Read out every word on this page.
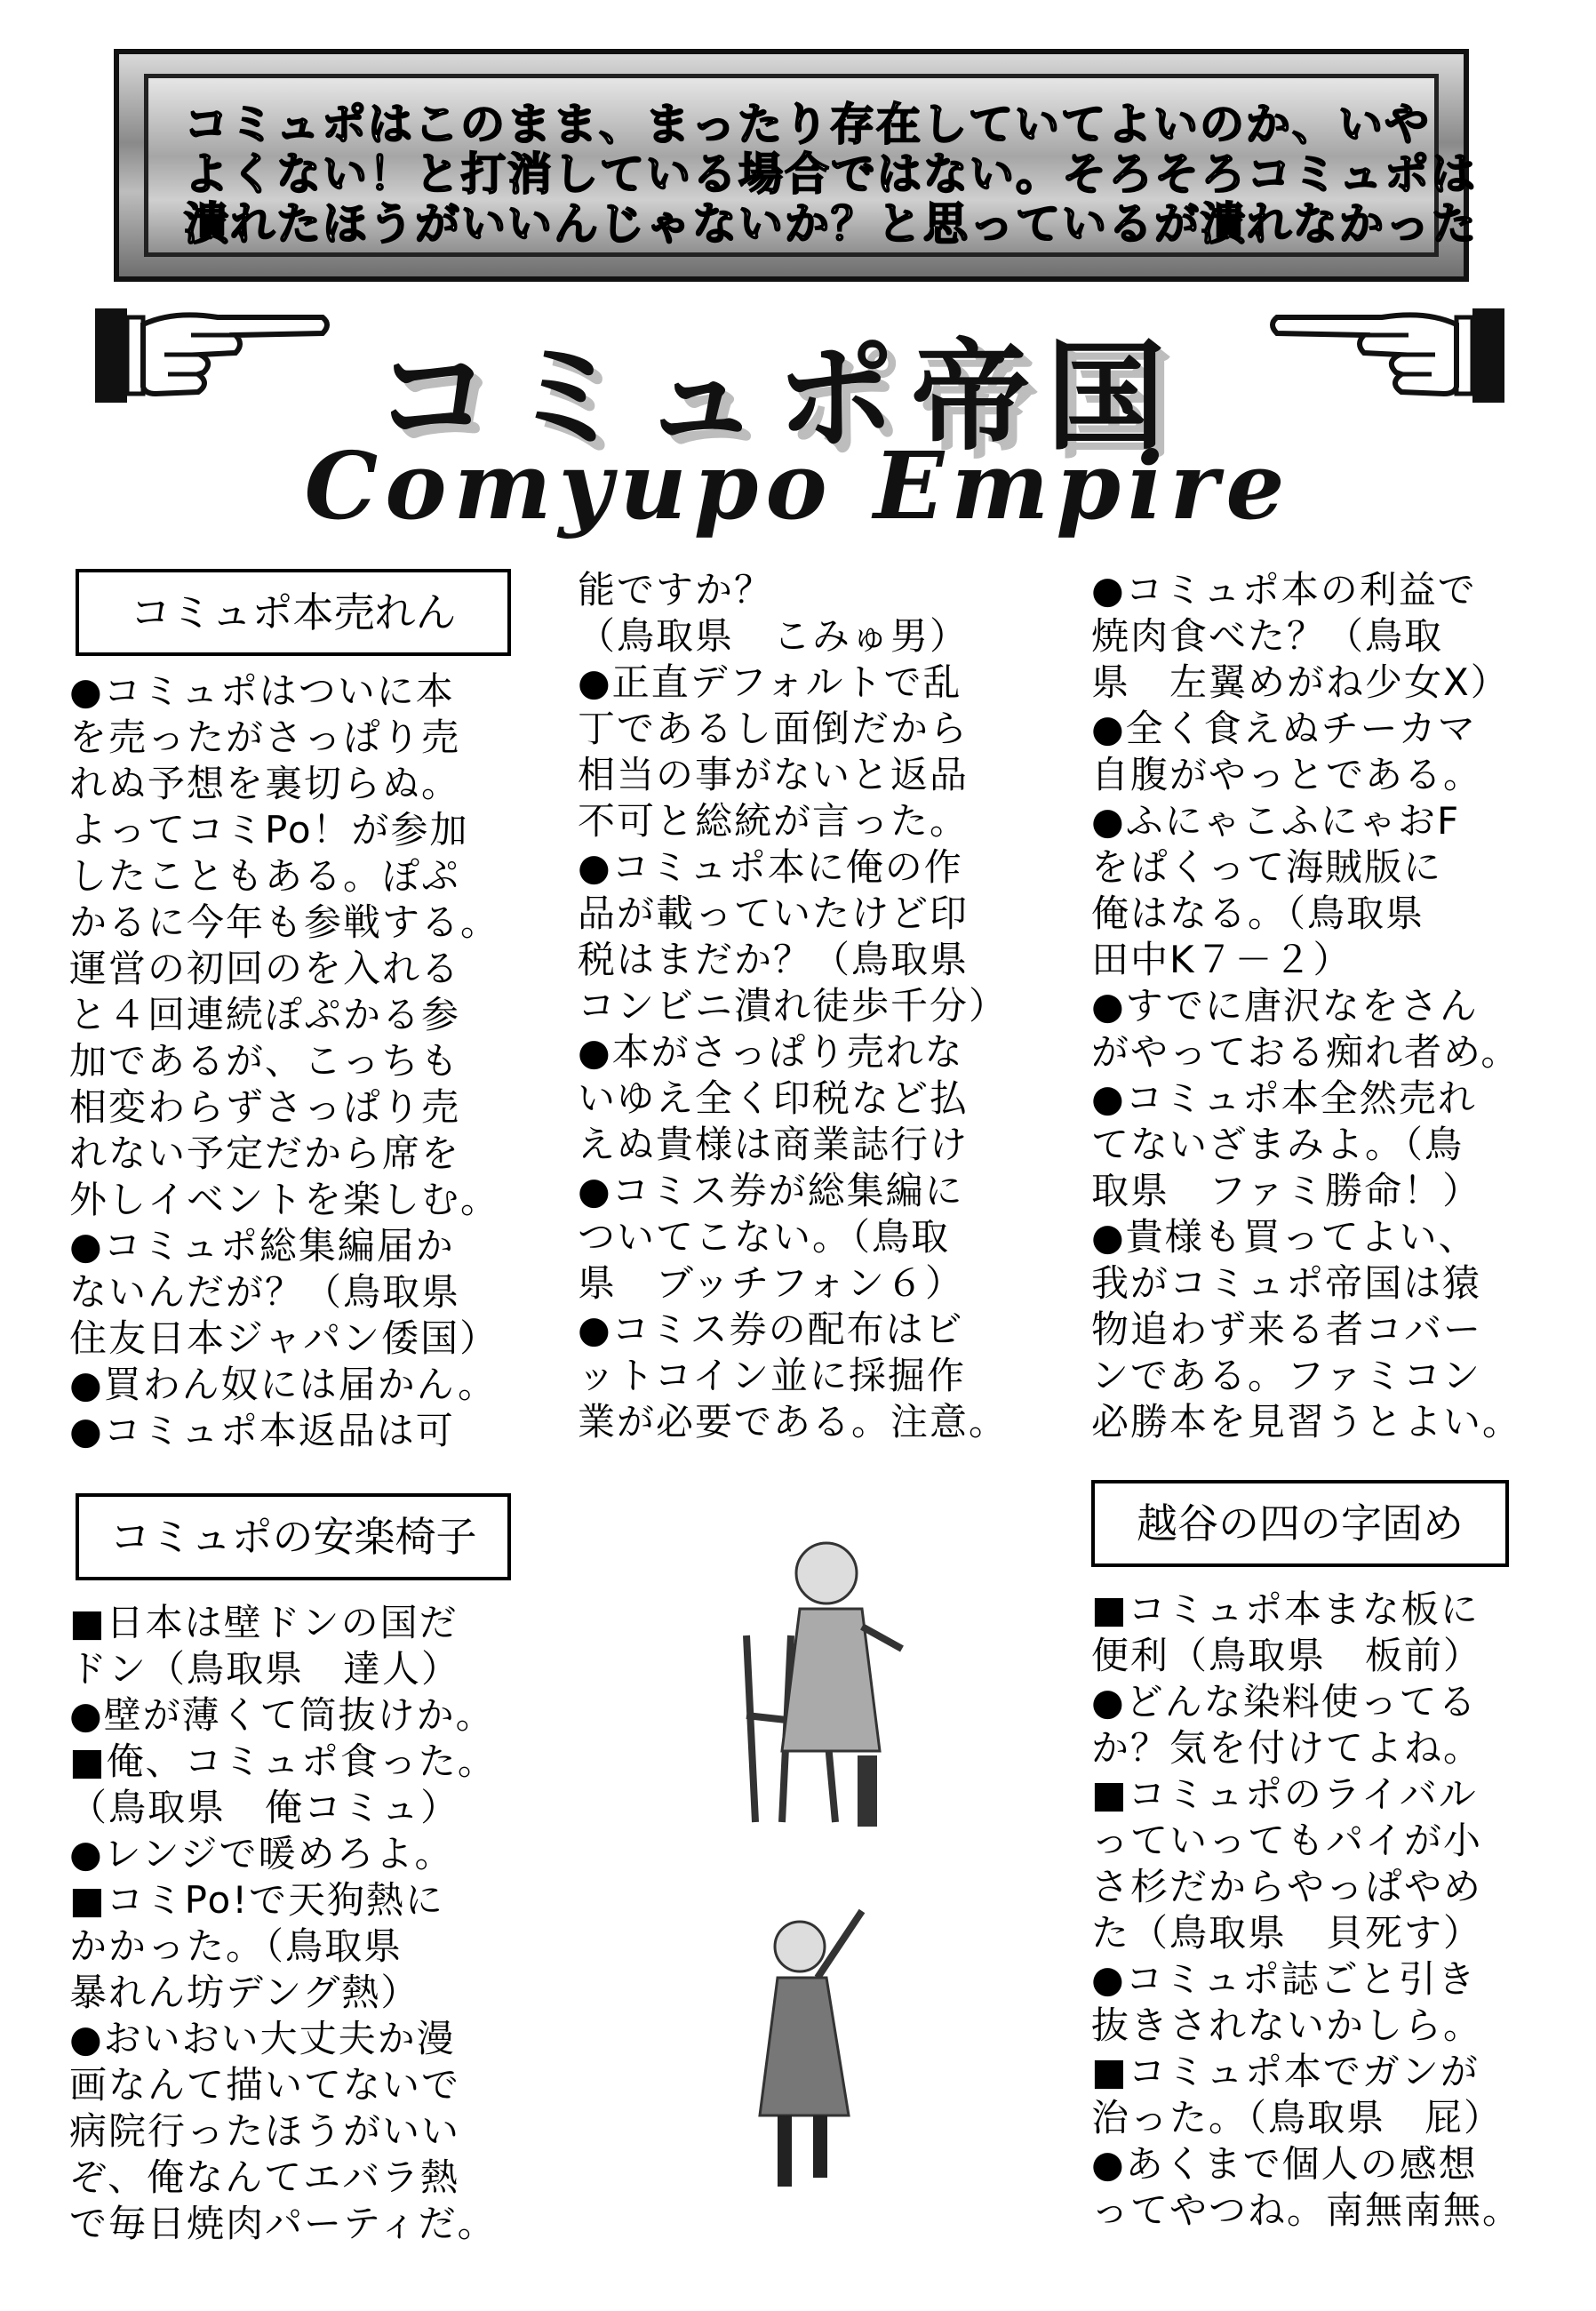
コミュポはこのまま、まったり存在していてよいのか、いや
よくない！と打消している場合ではない。そろそろコミュポは
潰れたほうがいいんじゃないか？と思っているが潰れなかった
コミュポ帝国
Comyupo Empire
コミュポ本売れん

●コミュポはついに本

を売ったがさっぱり売

れぬ予想を裏切らぬ。

よってコミPo！が参加

したこともある。ぽぷ

かるに今年も参戦する。

運営の初回のを入れる

と４回連続ぽぷかる参

加であるが、こっちも

相変わらずさっぱり売

れない予定だから席を

外しイベントを楽しむ。

●コミュポ総集編届か

ないんだが？（鳥取県

住友日本ジャパン倭国）

●買わん奴には届かん。

●コミュポ本返品は可

コミュポの安楽椅子

■日本は壁ドンの国だ

ドン（鳥取県　達人）

●壁が薄くて筒抜けか。

■俺、コミュポ食った。

（鳥取県　俺コミュ）

●レンジで暖めろよ。

■コミPo!で天狗熱に

かかった。（鳥取県

暴れん坊デング熱）

●おいおい大丈夫か漫

画なんて描いてないで

病院行ったほうがいい

ぞ、俺なんてエバラ熱

で毎日焼肉パーティだ。

能ですか？

（鳥取県　こみゅ男）

●正直デフォルトで乱

丁であるし面倒だから

相当の事がないと返品

不可と総統が言った。

●コミュポ本に俺の作

品が載っていたけど印

税はまだか？（鳥取県

コンビニ潰れ徒歩千分）

●本がさっぱり売れな

いゆえ全く印税など払

えぬ貴様は商業誌行け

●コミス券が総集編に

ついてこない。（鳥取

県　ブッチフォン６）

●コミス券の配布はビ

ットコイン並に採掘作

業が必要である。注意。

●コミュポ本の利益で

焼肉食べた？（鳥取

県　左翼めがね少女X）

●全く食えぬチーカマ

自腹がやっとである。

●ふにゃこふにゃおF

をぱくって海賊版に

俺はなる。（鳥取県

田中K７－２）

●すでに唐沢なをさん

がやっておる痴れ者め。

●コミュポ本全然売れ

てないざまみよ。（鳥

取県　ファミ勝命！）

●貴様も買ってよい、

我がコミュポ帝国は猿

物追わず来る者コバー

ンである。ファミコン

必勝本を見習うとよい。

越谷の四の字固め

■コミュポ本まな板に

便利（鳥取県　板前）

●どんな染料使ってる

か？気を付けてよね。

■コミュポのライバル

っていってもパイが小

さ杉だからやっぱやめ

た（鳥取県　貝死す）

●コミュポ誌ごと引き

抜きされないかしら。

■コミュポ本でガンが

治った。（鳥取県　屁）

●あくまで個人の感想

ってやつね。南無南無。
